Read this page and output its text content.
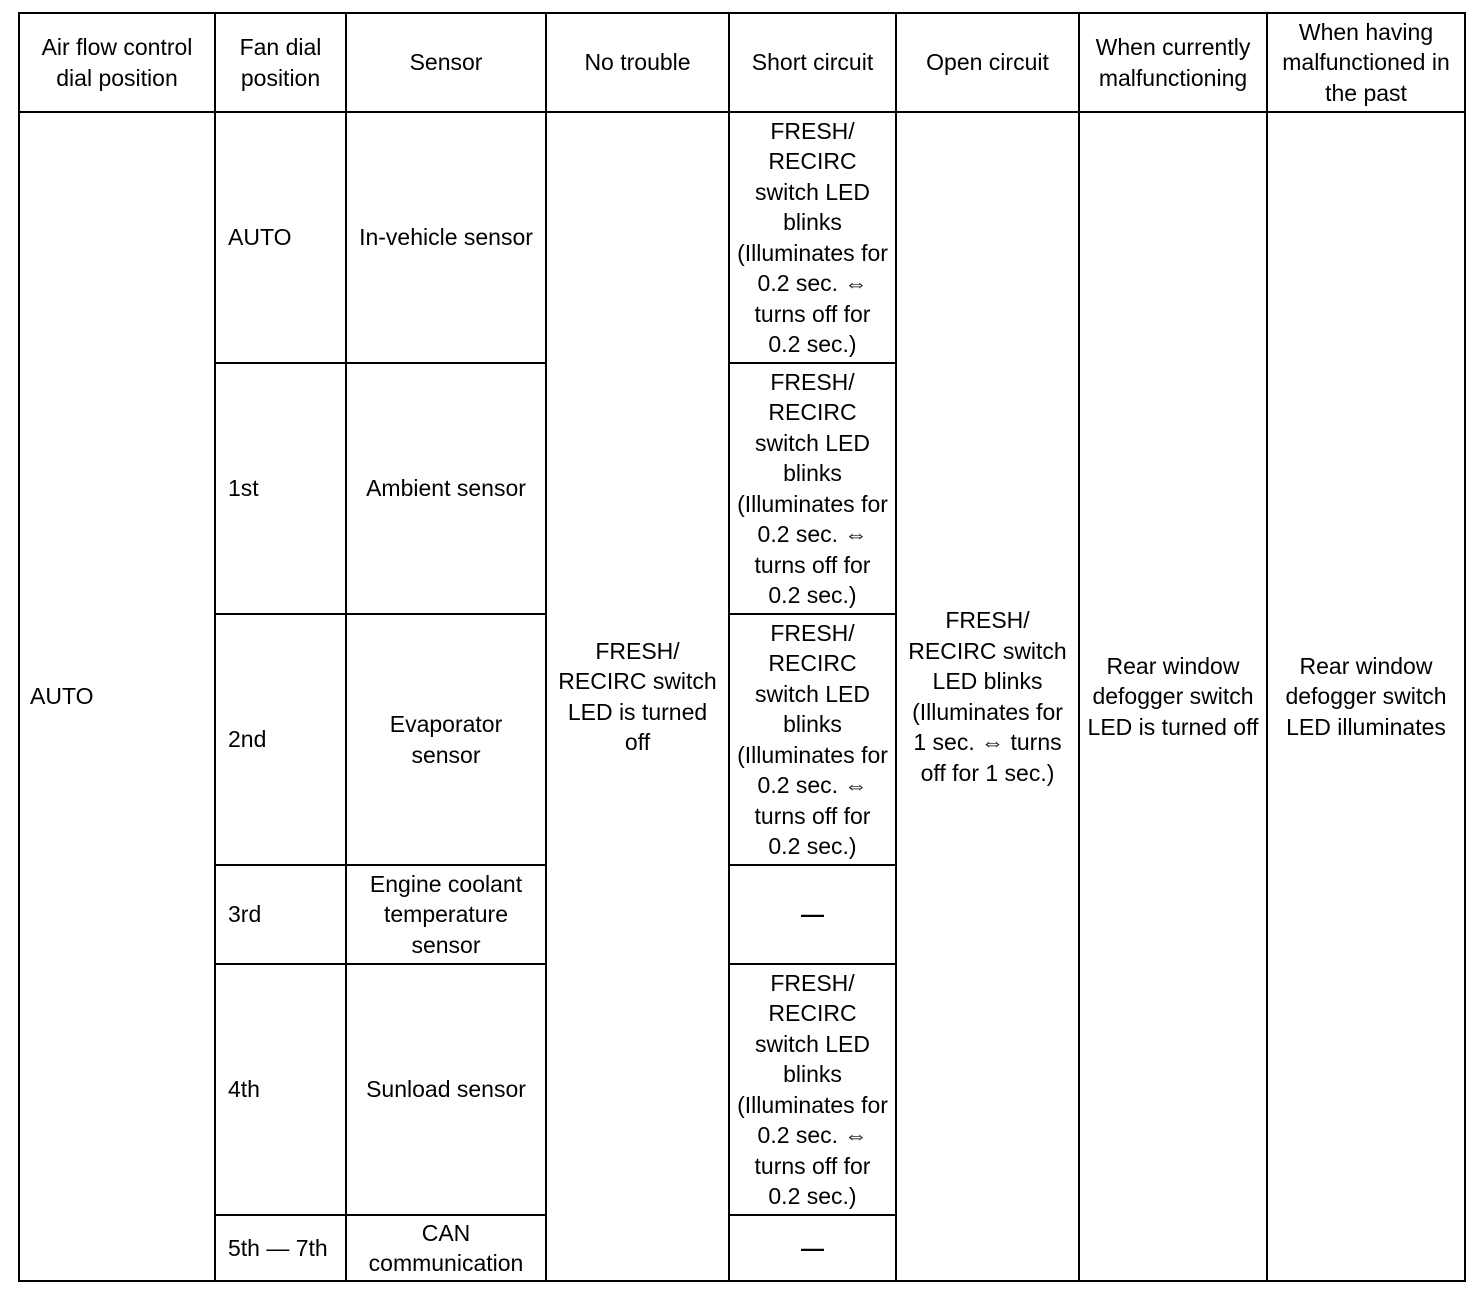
Air flow control dial position	Fan dial position	Sensor	No trouble	Short circuit	Open circuit	When currently malfunctioning	When having malfunctioned in the past
AUTO	AUTO	In-vehicle sensor	FRESH/ RECIRC switch LED is turned off	FRESH/ RECIRC switch LED blinks (Illuminates for 0.2 sec. ⇔ turns off for 0.2 sec.)	FRESH/ RECIRC switch LED blinks (Illuminates for 1 sec. ⇔ turns off for 1 sec.)	Rear window defogger switch LED is turned off	Rear window defogger switch LED illuminates
	1st	Ambient sensor		FRESH/ RECIRC switch LED blinks (Illuminates for 0.2 sec. ⇔ turns off for 0.2 sec.)			
	2nd	Evaporator sensor		FRESH/ RECIRC switch LED blinks (Illuminates for 0.2 sec. ⇔ turns off for 0.2 sec.)			
	3rd	Engine coolant temperature sensor		—			
	4th	Sunload sensor		FRESH/ RECIRC switch LED blinks (Illuminates for 0.2 sec. ⇔ turns off for 0.2 sec.)			
	5th — 7th	CAN communication		—			
